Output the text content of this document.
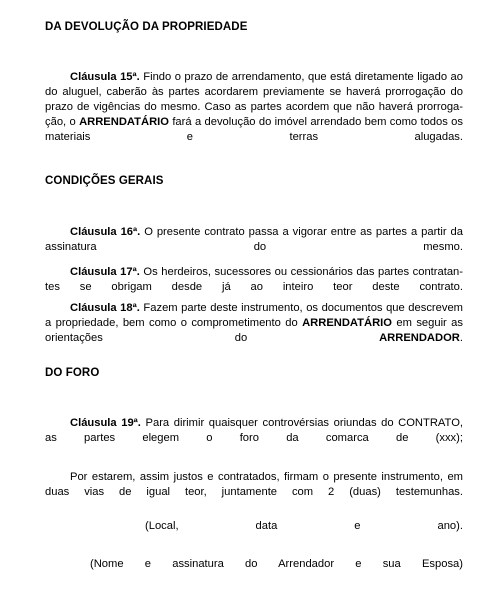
DA DEVOLUÇÃO DA PROPRIEDADE
Cláusula 15ª. Findo o prazo de arrendamento, que está diretamente ligado ao
do aluguel, caberão às partes acordarem previamente se haverá prorrogação do
prazo de vigências do mesmo. Caso as partes acordem que não haverá prorroga-
ção, o ARRENDATÁRIO fará a devolução do imóvel arrendado bem como todos os
materiais e terras alugadas.
CONDIÇÕES GERAIS
Cláusula 16ª. O presente contrato passa a vigorar entre as partes a partir da
assinatura do mesmo.
Cláusula 17ª. Os herdeiros, sucessores ou cessionários das partes contratan-
tes se obrigam desde já ao inteiro teor deste contrato.
Cláusula 18ª. Fazem parte deste instrumento, os documentos que descrevem
a propriedade, bem como o comprometimento do ARRENDATÁRIO em seguir as
orientações do ARRENDADOR.
DO FORO
Cláusula 19ª. Para dirimir quaisquer controvérsias oriundas do CONTRATO,
as partes elegem o foro da comarca de (xxx);
Por estarem, assim justos e contratados, firmam o presente instrumento, em
duas vias de igual teor, juntamente com 2 (duas) testemunhas.
(Local, data e ano).
(Nome e assinatura do Arrendador e sua Esposa)
